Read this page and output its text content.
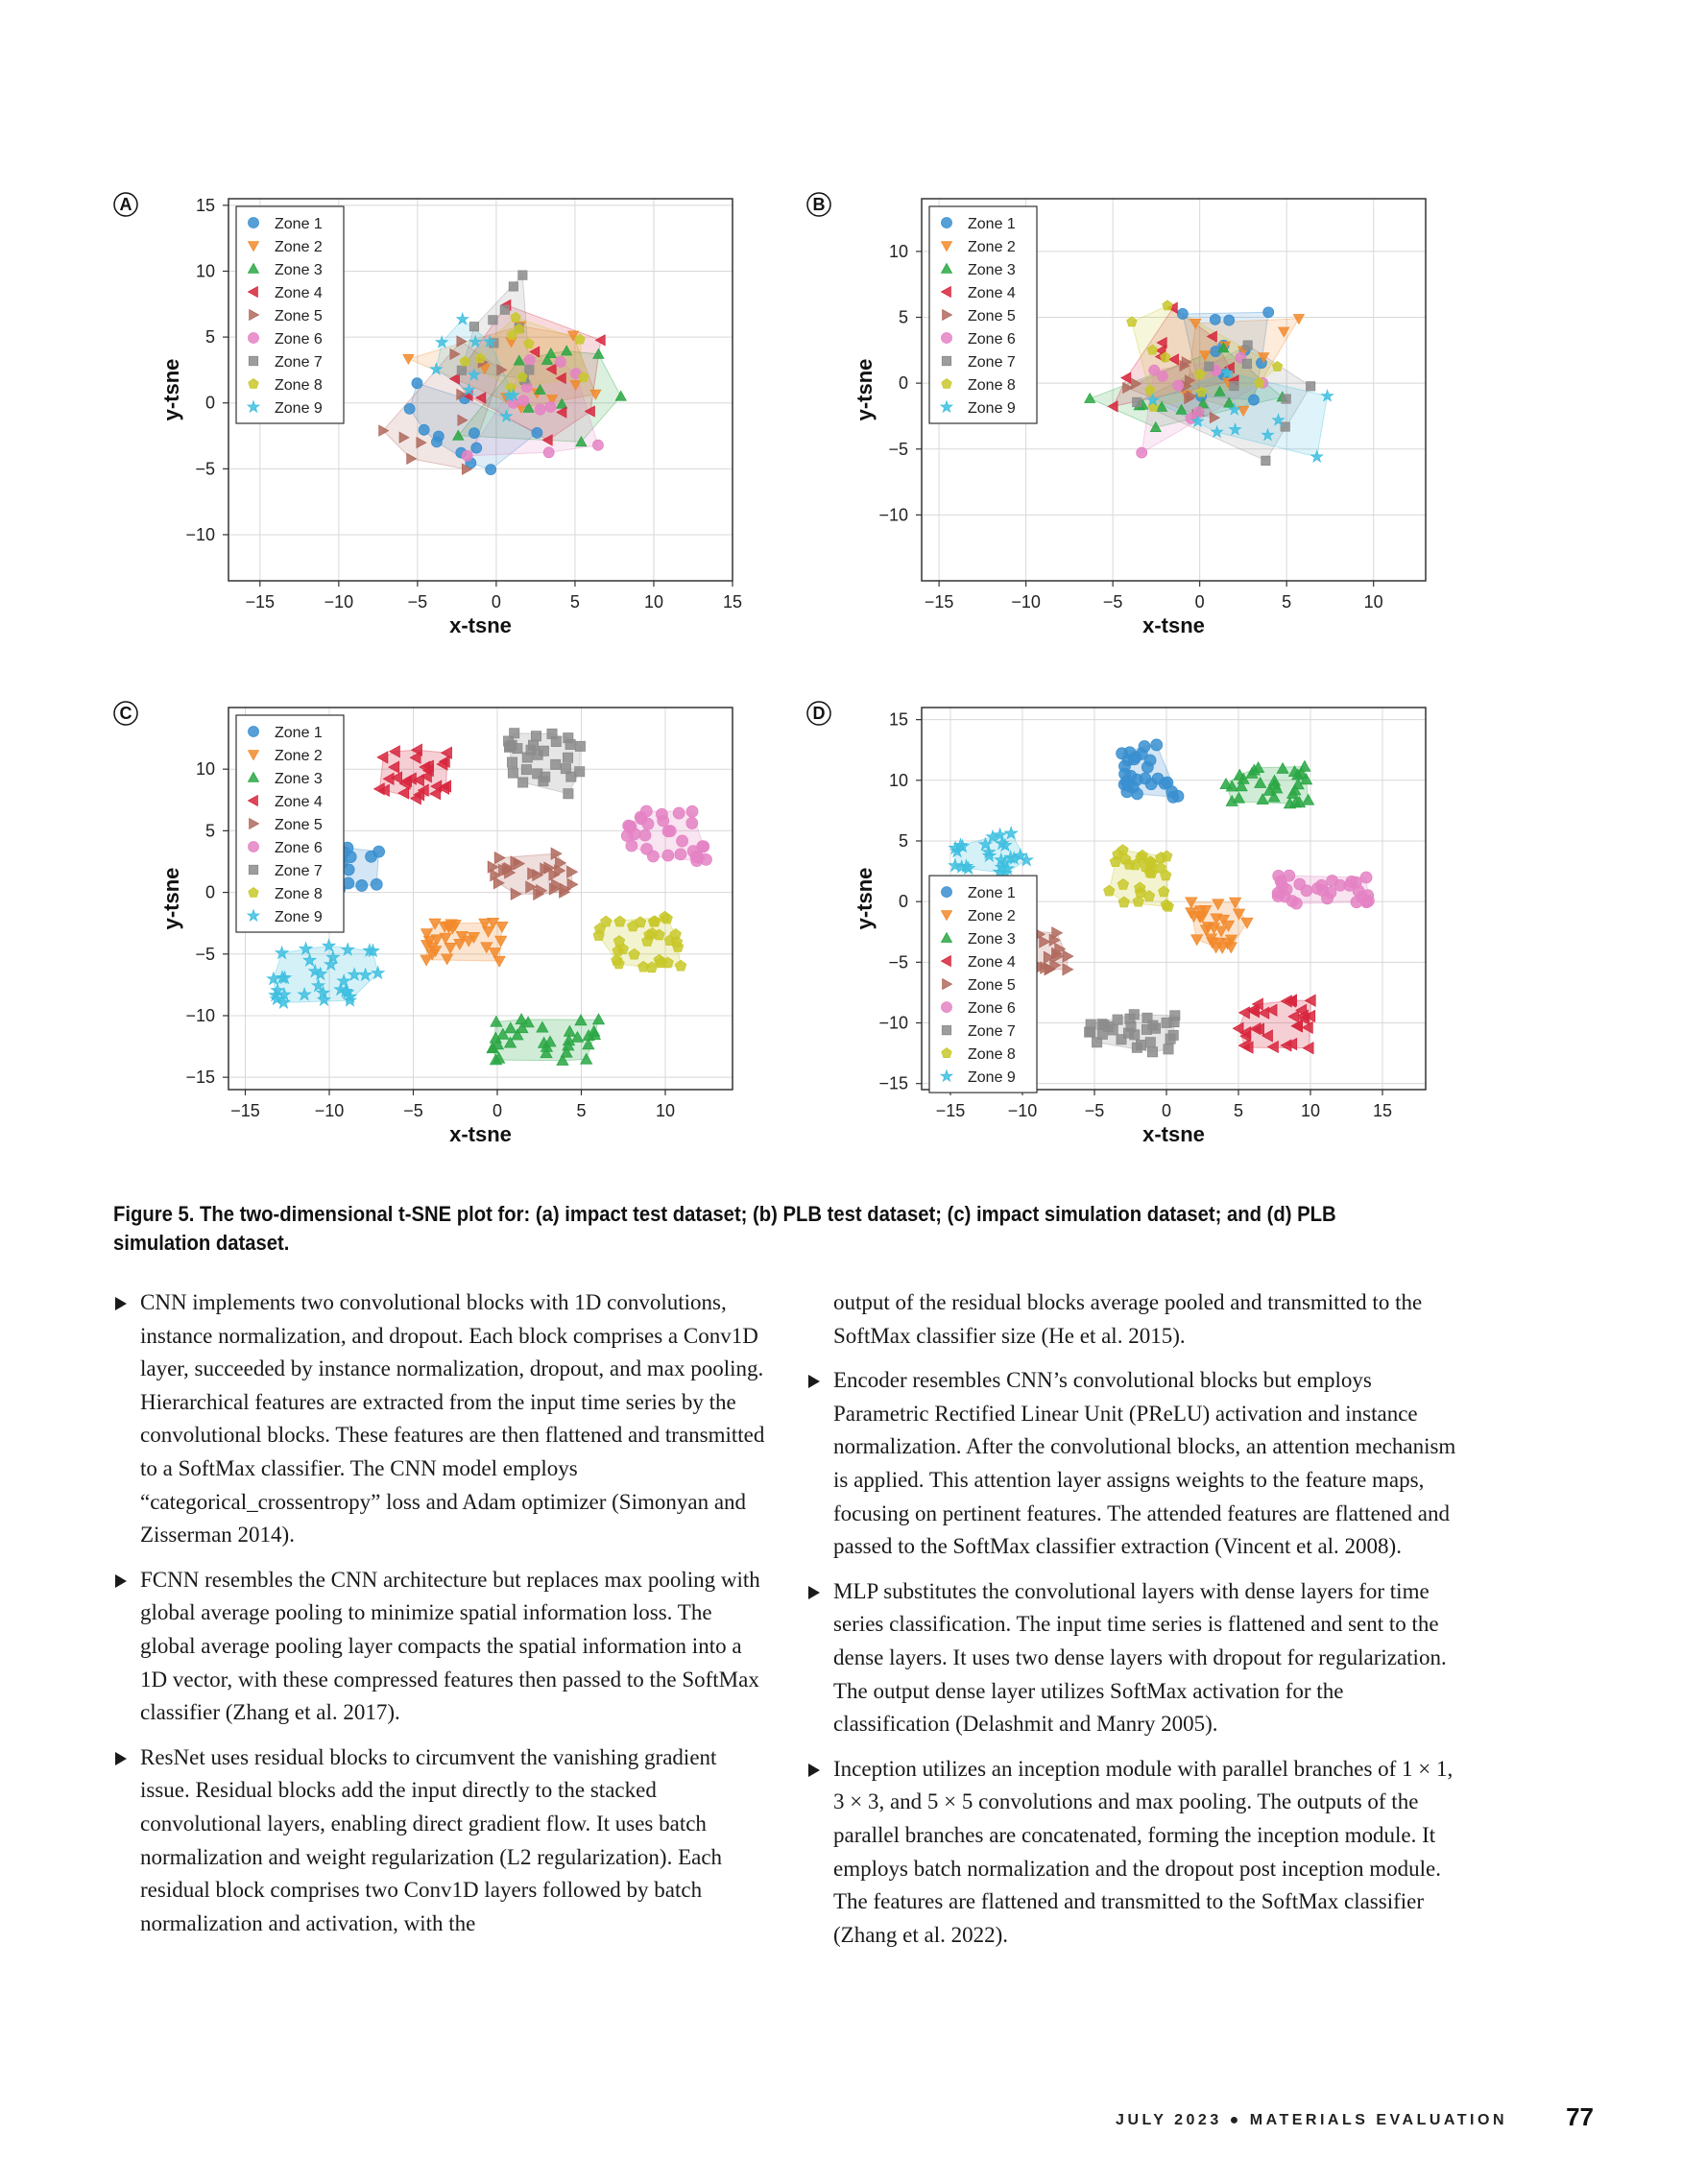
A
−15	−10	−5	0	5	10	15
x-tsne
−10
−5
0
5
10
15
y-tsne
Zone 1
Zone 2
Zone 3
Zone 4
Zone 5
Zone 6
Zone 7
Zone 8
Zone 9
B
−15	−10	−5	0	5	10
x-tsne
−10
−5
0
5
10
y-tsne
Zone 1
Zone 2
Zone 3
Zone 4
Zone 5
Zone 6
Zone 7
Zone 8
Zone 9
C
−15	−10	−5	0	5	10
x-tsne
−15
−10
−5
0
5
10
y-tsne
Zone 1
Zone 2
Zone 3
Zone 4
Zone 5
Zone 6
Zone 7
Zone 8
Zone 9
D
−15 −10	−5	0	5	10	15
x-tsne
−15
−10
−5
0
5
10
15
y-tsne	Zone 1
Zone 2
Zone 3
Zone 4
Zone 5
Zone 6
Zone 7
Zone 8
Zone 9
Figure 5. The two-dimensional t-SNE plot for: (a) impact test dataset; (b) PLB test dataset; (c) impact simulation dataset; and (d) PLB simulation dataset.

CNN implements two convolutional blocks with 1D convolutions, instance normalization, and dropout. Each block comprises a Conv1D layer, succeeded by instance normalization, dropout, and max pooling. Hierarchical features are extracted from the input time series by the convolutional blocks. These features are then flattened and transmitted to a SoftMax classifier. The CNN model employs “categorical_crossentropy” loss and Adam optimizer (Simonyan and Zisserman 2014).

FCNN resembles the CNN architecture but replaces max pooling with global average pooling to minimize spatial information loss. The global average pooling layer compacts the spatial information into a 1D vector, with these compressed features then passed to the SoftMax classifier (Zhang et al. 2017).

ResNet uses residual blocks to circumvent the vanishing gradient issue. Residual blocks add the input directly to the stacked convolutional layers, enabling direct gradient flow. It uses batch normalization and weight regularization (L2 regularization). Each residual block comprises two Conv1D layers followed by batch normalization and activation, with the

output of the residual blocks average pooled and transmitted to the SoftMax classifier size (He et al. 2015).

Encoder resembles CNN’s convolutional blocks but employs Parametric Rectified Linear Unit (PReLU) activation and instance normalization. After the convolutional blocks, an attention mechanism is applied. This attention layer assigns weights to the feature maps, focusing on pertinent features. The attended features are flattened and passed to the SoftMax classifier extraction (Vincent et al. 2008).

MLP substitutes the convolutional layers with dense layers for time series classification. The input time series is flattened and sent to the dense layers. It uses two dense layers with dropout for regularization. The output dense layer utilizes SoftMax activation for the classification (Delashmit and Manry 2005).

Inception utilizes an inception module with parallel branches of 1 × 1, 3 × 3, and 5 × 5 convolutions and max pooling. The outputs of the parallel branches are concatenated, forming the inception module. It employs batch normalization and the dropout post inception module. The features are flattened and transmitted to the SoftMax classifier (Zhang et al. 2022).

JULY 2023 ● MATERIALS EVALUATION 77
